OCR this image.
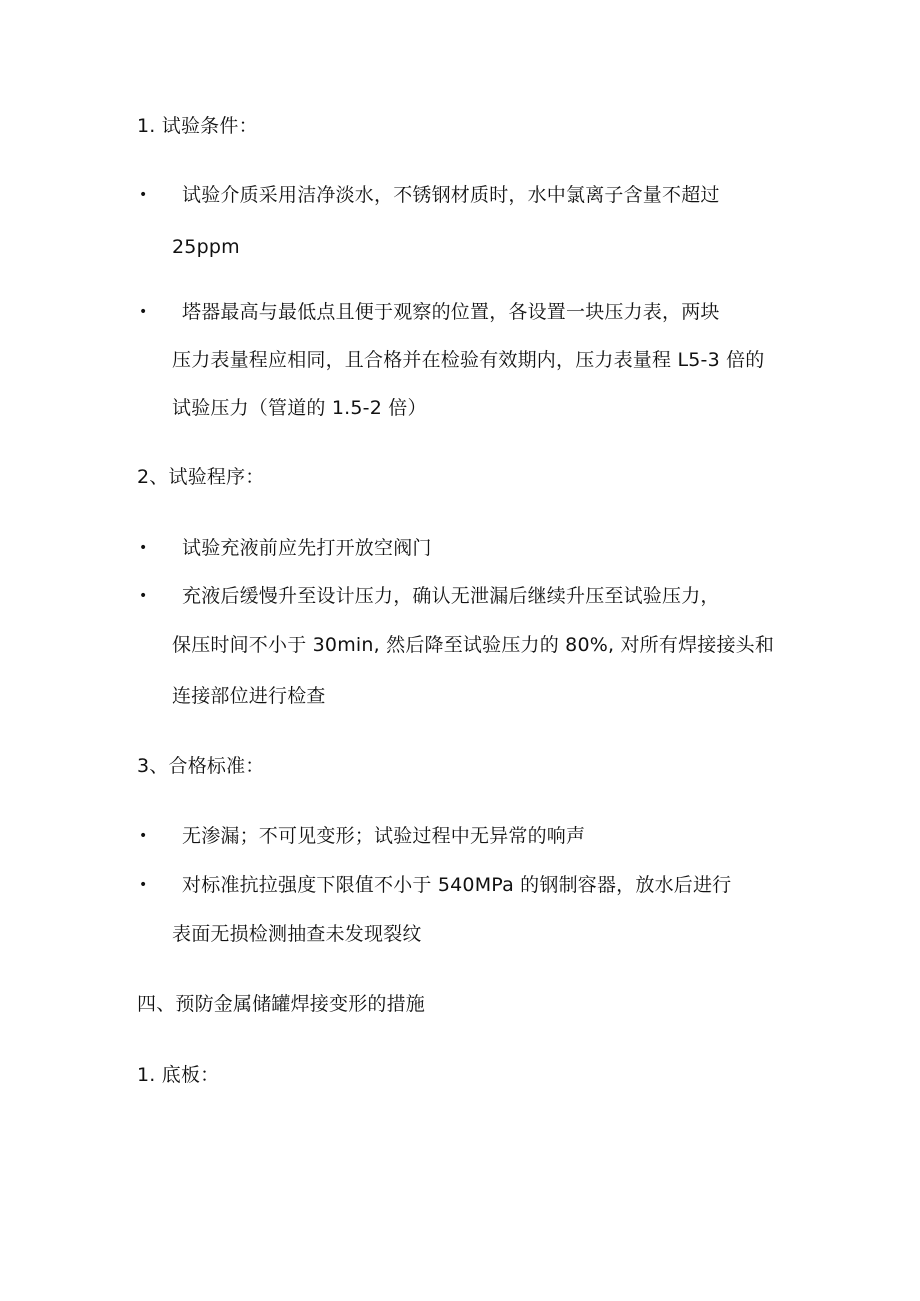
1. 试验条件：
• 试验介质采用洁净淡水，不锈钢材质时，水中氯离子含量不超过
25ppm
• 塔器最高与最低点且便于观察的位置，各设置一块压力表，两块
压力表量程应相同，且合格并在检验有效期内，压力表量程 L5-3 倍的
试验压力（管道的 1.5-2 倍）
2、试验程序：
• 试验充液前应先打开放空阀门
• 充液后缓慢升至设计压力，确认无泄漏后继续升压至试验压力，
保压时间不小于 30min, 然后降至试验压力的 80%, 对所有焊接接头和
连接部位进行检查
3、合格标准：
• 无渗漏；不可见变形；试验过程中无异常的响声
• 对标准抗拉强度下限值不小于 540MPa 的钢制容器，放水后进行
表面无损检测抽查未发现裂纹
四、预防金属储罐焊接变形的措施
1. 底板：
